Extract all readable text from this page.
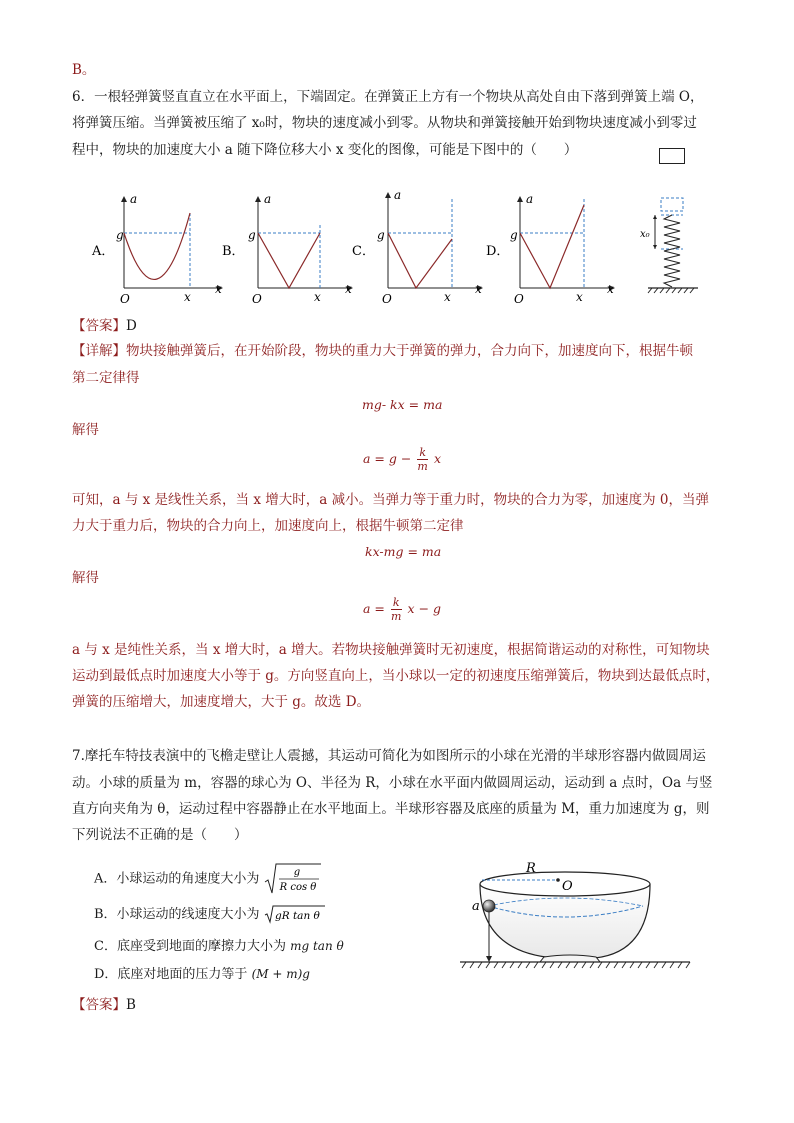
B。
6．一根轻弹簧竖直直立在水平面上，下端固定。在弹簧正上方有一个物块从高处自由下落到弹簧上端 O，
将弹簧压缩。当弹簧被压缩了 x₀时，物块的速度减小到零。从物块和弹簧接触开始到物块速度减小到零过
程中，物块的加速度大小 a 随下降位移大小 x 变化的图像，可能是下图中的（　　）
A．
a
g
O	x
x
B．
a
g
O	x
x
C．
a
g
O	x
x
D．
a
g
O	x
x
x₀
【答案】D
【详解】物块接触弹簧后，在开始阶段，物块的重力大于弹簧的弹力，合力向下，加速度向下，根据牛顿
第二定律得
mg- kx = ma
解得
$a = g - \frac{k}{m}$ x
可知，a 与 x 是线性关系，当 x 增大时，a 减小。当弹力等于重力时，物块的合力为零，加速度为 0，当弹
力大于重力后，物块的合力向上，加速度向上，根据牛顿第二定律
kx-mg = ma
解得
$a = \frac{k}{m}$ x − g
a 与 x 是纯性关系，当 x 增大时，a 增大。若物块接触弹簧时无初速度，根据简谐运动的对称性，可知物块
运动到最低点时加速度大小等于 g。方向竖直向上，当小球以一定的初速度压缩弹簧后，物块到达最低点时，
弹簧的压缩增大，加速度增大，大于 g。故选 D。
7.摩托车特技表演中的飞檐走壁让人震撼，其运动可简化为如图所示的小球在光滑的半球形容器内做圆周运
动。小球的质量为 m，容器的球心为 O、半径为 R，小球在水平面内做圆周运动，运动到 a 点时，Oa 与竖
直方向夹角为 θ，运动过程中容器静止在水平地面上。半球形容器及底座的质量为 M，重力加速度为 g，则
下列说法不正确的是（　　）
A．小球运动的角速度大小为	g
R cos θ
B．小球运动的线速度大小为 gR tan θ
C．底座受到地面的摩擦力大小为 mg tan θ
D．底座对地面的压力等于 (M + m)g
R
O
a
【答案】B
